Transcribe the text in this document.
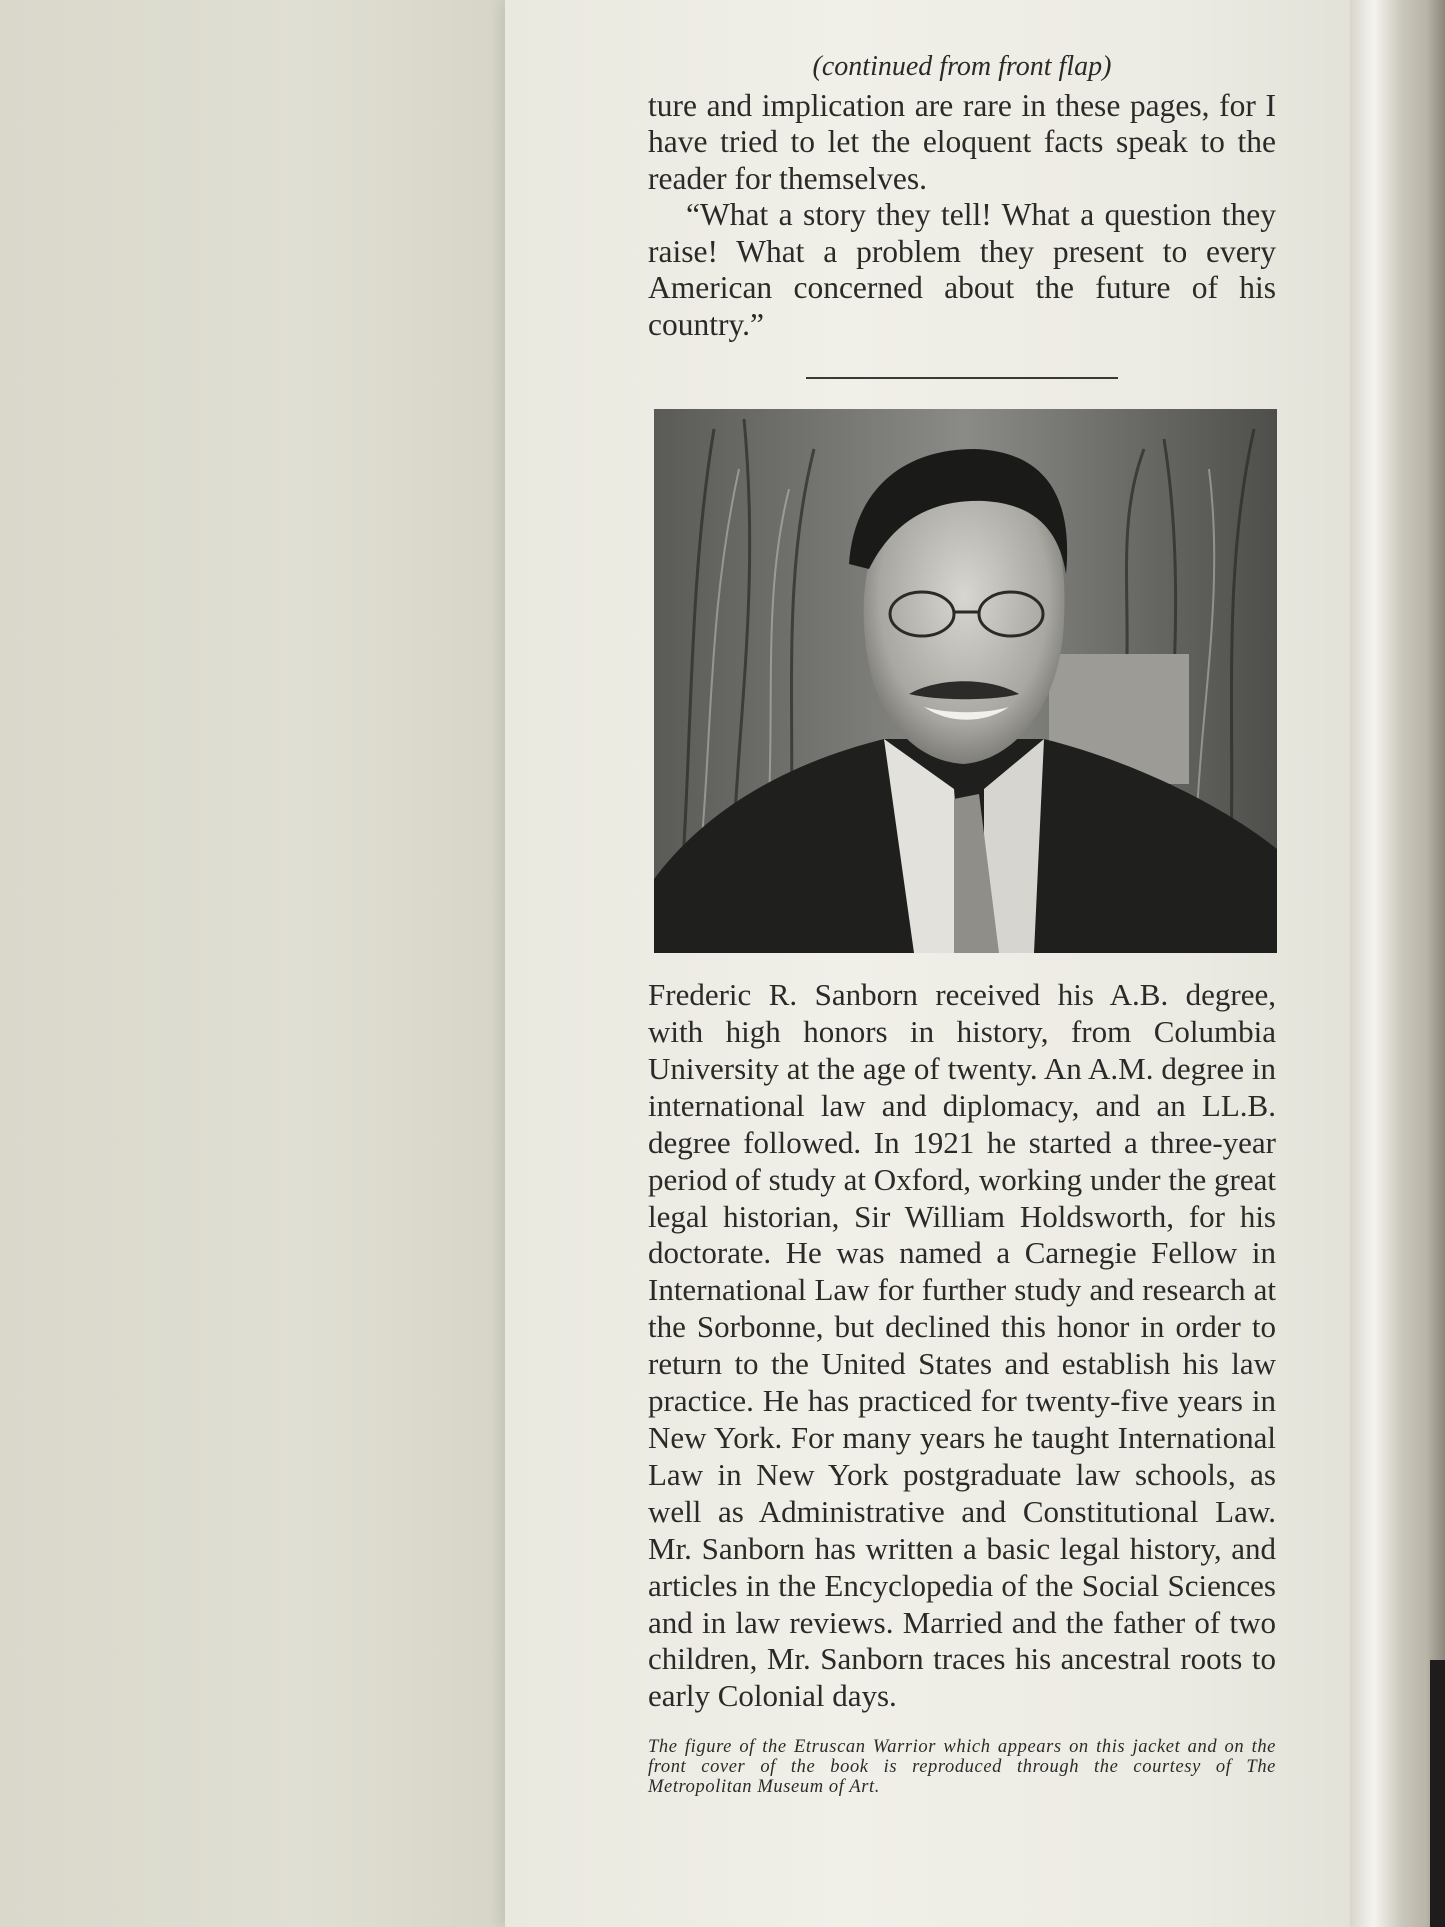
(continued from front flap)

ture and implication are rare in these pages, for I have tried to let the eloquent facts speak to the reader for themselves.

“What a story they tell! What a question they raise! What a problem they present to every American concerned about the future of his country.”

Frederic R. Sanborn received his A.B. degree, with high honors in history, from Columbia University at the age of twenty. An A.M. degree in international law and diplomacy, and an LL.B. degree followed. In 1921 he started a three-year period of study at Oxford, working under the great legal historian, Sir William Holdsworth, for his doctorate. He was named a Carnegie Fellow in International Law for further study and research at the Sorbonne, but declined this honor in order to return to the United States and establish his law practice. He has practiced for twenty-five years in New York. For many years he taught International Law in New York postgraduate law schools, as well as Administrative and Constitutional Law. Mr. Sanborn has written a basic legal history, and articles in the Encyclopedia of the Social Sciences and in law reviews. Married and the father of two children, Mr. Sanborn traces his ancestral roots to early Colonial days.

The figure of the Etruscan Warrior which appears on this jacket and on the front cover of the book is reproduced through the courtesy of The Metropolitan Museum of Art.
